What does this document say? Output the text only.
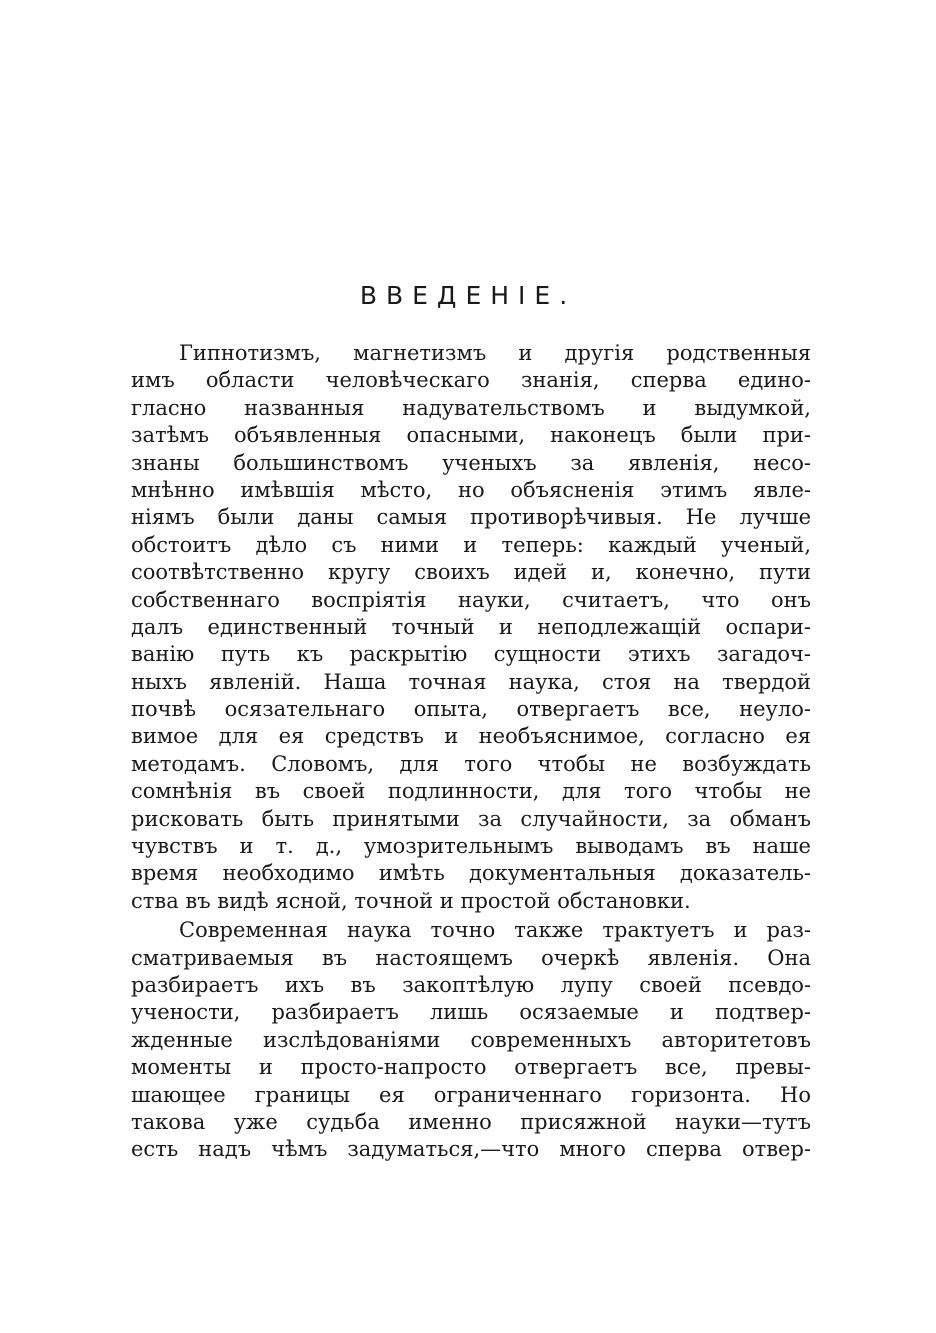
ВВЕДЕНІЕ.
Гипнотизмъ, магнетизмъ и другія родственныя
имъ области человѣческаго знанія, сперва едино-
гласно названныя надувательствомъ и выдумкой,
затѣмъ объявленныя опасными, наконецъ были при-
знаны большинствомъ ученыхъ за явленія, несо-
мнѣнно имѣвшія мѣсто, но объясненія этимъ явле-
ніямъ были даны самыя противорѣчивыя. Не лучше
обстоитъ дѣло съ ними и теперь: каждый ученый,
соотвѣтственно кругу своихъ идей и, конечно, пути
собственнаго воспріятія науки, считаетъ, что онъ
далъ единственный точный и неподлежащій оспари-
ванію путь къ раскрытію сущности этихъ загадоч-
ныхъ явленій. Наша точная наука, стоя на твердой
почвѣ осязательнаго опыта, отвергаетъ все, неуло-
вимое для ея средствъ и необъяснимое, согласно ея
методамъ. Словомъ, для того чтобы не возбуждать
сомнѣнія въ своей подлинности, для того чтобы не
рисковать быть принятыми за случайности, за обманъ
чувствъ и т. д., умозрительнымъ выводамъ въ наше
время необходимо имѣть документальныя доказатель-
ства въ видѣ ясной, точной и простой обстановки.
Современная наука точно также трактуетъ и раз-
сматриваемыя въ настоящемъ очеркѣ явленія. Она
разбираетъ ихъ въ закоптѣлую лупу своей псевдо-
учености, разбираетъ лишь осязаемые и подтвер-
жденные изслѣдованіями современныхъ авторитетовъ
моменты и просто-напросто отвергаетъ все, превы-
шающее границы ея ограниченнаго горизонта. Но
такова уже судьба именно присяжной науки—тутъ
есть надъ чѣмъ задуматься,—что много сперва отвер-
